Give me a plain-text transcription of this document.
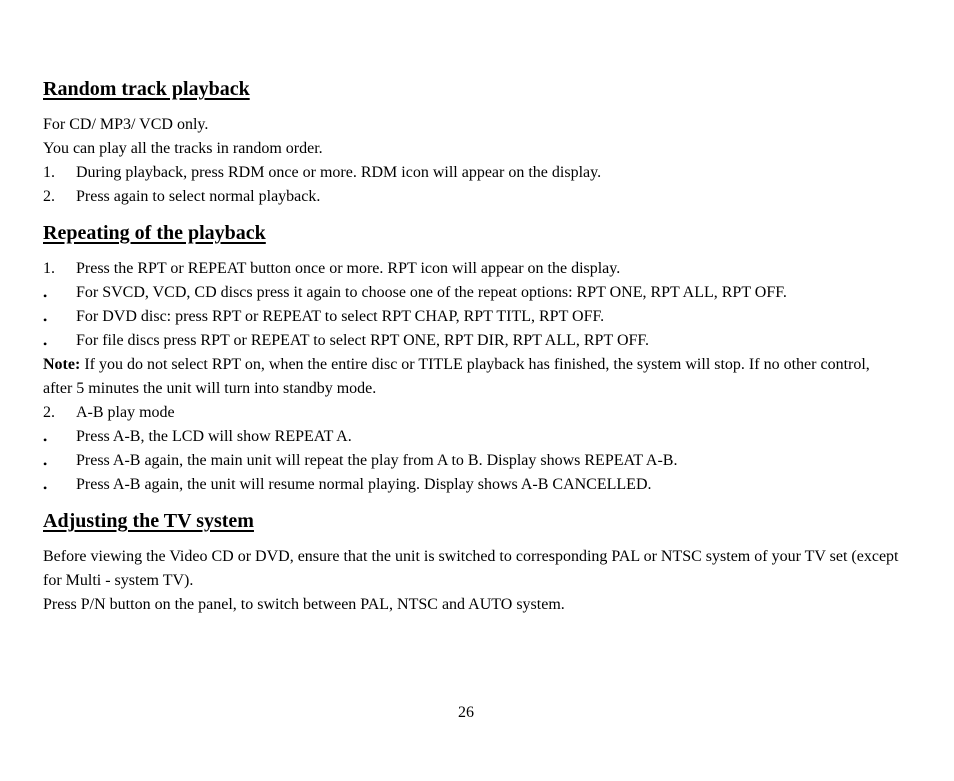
Random track playback
For CD/ MP3/ VCD only.
You can play all the tracks in random order.
1.	During playback, press RDM once or more. RDM icon will appear on the display.
2.	Press again to select normal playback.
Repeating of the playback
1.	Press the RPT or REPEAT button once or more. RPT icon will appear on the display.
• For SVCD, VCD, CD discs press it again to choose one of the repeat options: RPT ONE, RPT ALL, RPT OFF.
• For DVD disc: press RPT or REPEAT to select RPT CHAP, RPT TITL, RPT OFF.
• For file discs press RPT or REPEAT to select RPT ONE, RPT DIR, RPT ALL, RPT OFF.
Note: If you do not select RPT on, when the entire disc or TITLE playback has finished, the system will stop. If no other control, after 5 minutes the unit will turn into standby mode.
2.	A-B play mode
• Press A-B, the LCD will show REPEAT A.
• Press A-B again, the main unit will repeat the play from A to B. Display shows REPEAT A-B.
• Press A-B again, the unit will resume normal playing. Display shows A-B CANCELLED.
Adjusting the TV system
Before viewing the Video CD or DVD, ensure that the unit is switched to corresponding PAL or NTSC system of your TV set (except for Multi - system TV).
Press P/N button on the panel, to switch between PAL, NTSC and AUTO system.
26
